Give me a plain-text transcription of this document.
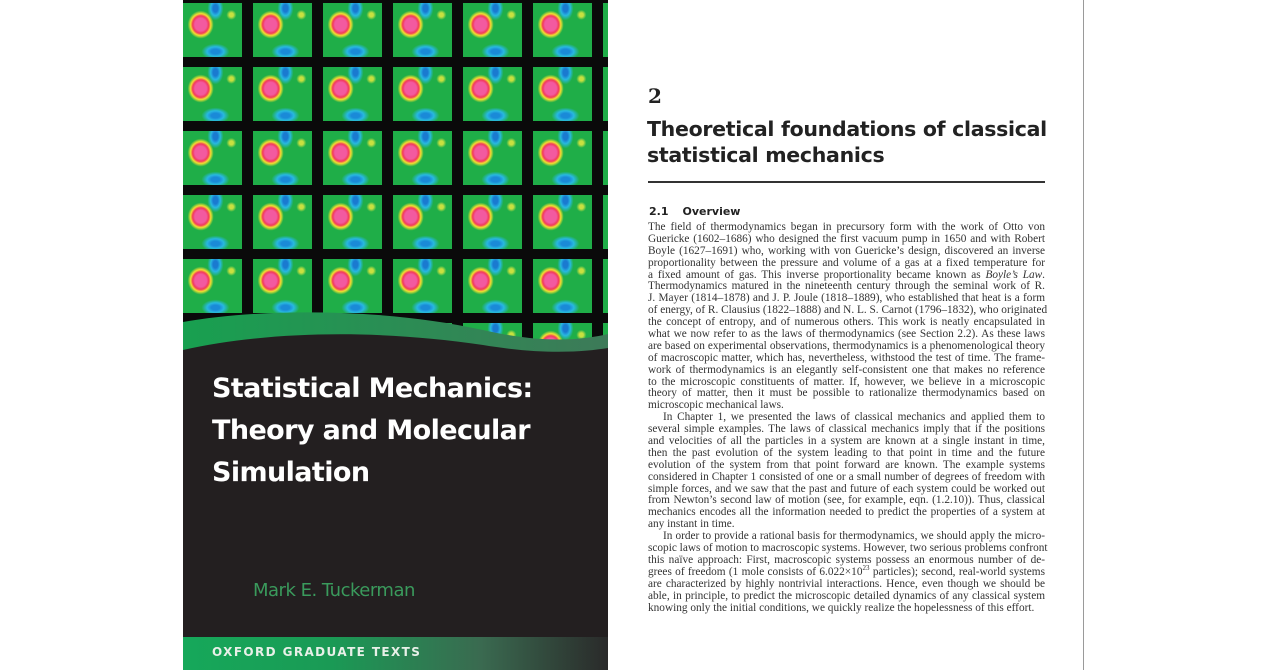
Statistical Mechanics:
Theory and Molecular
Simulation
Mark E. Tuckerman
OXFORD GRADUATE TEXTS
2
Theoretical foundations of classical
statistical mechanics
2.1 Overview
The field of thermodynamics began in precursory form with the work of Otto von
Guericke (1602–1686) who designed the first vacuum pump in 1650 and with Robert
Boyle (1627–1691) who, working with von Guericke’s design, discovered an inverse
proportionality between the pressure and volume of a gas at a fixed temperature for
a fixed amount of gas. This inverse proportionality became known as Boyle’s Law.
Thermodynamics matured in the nineteenth century through the seminal work of R.
J. Mayer (1814–1878) and J. P. Joule (1818–1889), who established that heat is a form
of energy, of R. Clausius (1822–1888) and N. L. S. Carnot (1796–1832), who originated
the concept of entropy, and of numerous others. This work is neatly encapsulated in
what we now refer to as the laws of thermodynamics (see Section 2.2). As these laws
are based on experimental observations, thermodynamics is a phenomenological theory
of macroscopic matter, which has, nevertheless, withstood the test of time. The frame-
work of thermodynamics is an elegantly self-consistent one that makes no reference
to the microscopic constituents of matter. If, however, we believe in a microscopic
theory of matter, then it must be possible to rationalize thermodynamics based on
microscopic mechanical laws.
In Chapter 1, we presented the laws of classical mechanics and applied them to
several simple examples. The laws of classical mechanics imply that if the positions
and velocities of all the particles in a system are known at a single instant in time,
then the past evolution of the system leading to that point in time and the future
evolution of the system from that point forward are known. The example systems
considered in Chapter 1 consisted of one or a small number of degrees of freedom with
simple forces, and we saw that the past and future of each system could be worked out
from Newton’s second law of motion (see, for example, eqn. (1.2.10)). Thus, classical
mechanics encodes all the information needed to predict the properties of a system at
any instant in time.
In order to provide a rational basis for thermodynamics, we should apply the micro-
scopic laws of motion to macroscopic systems. However, two serious problems confront
this naïve approach: First, macroscopic systems possess an enormous number of de-
grees of freedom (1 mole consists of $6.022\times 10^{23}$ particles); second, real-world systems
are characterized by highly nontrivial interactions. Hence, even though we should be
able, in principle, to predict the microscopic detailed dynamics of any classical system
knowing only the initial conditions, we quickly realize the hopelessness of this effort.
